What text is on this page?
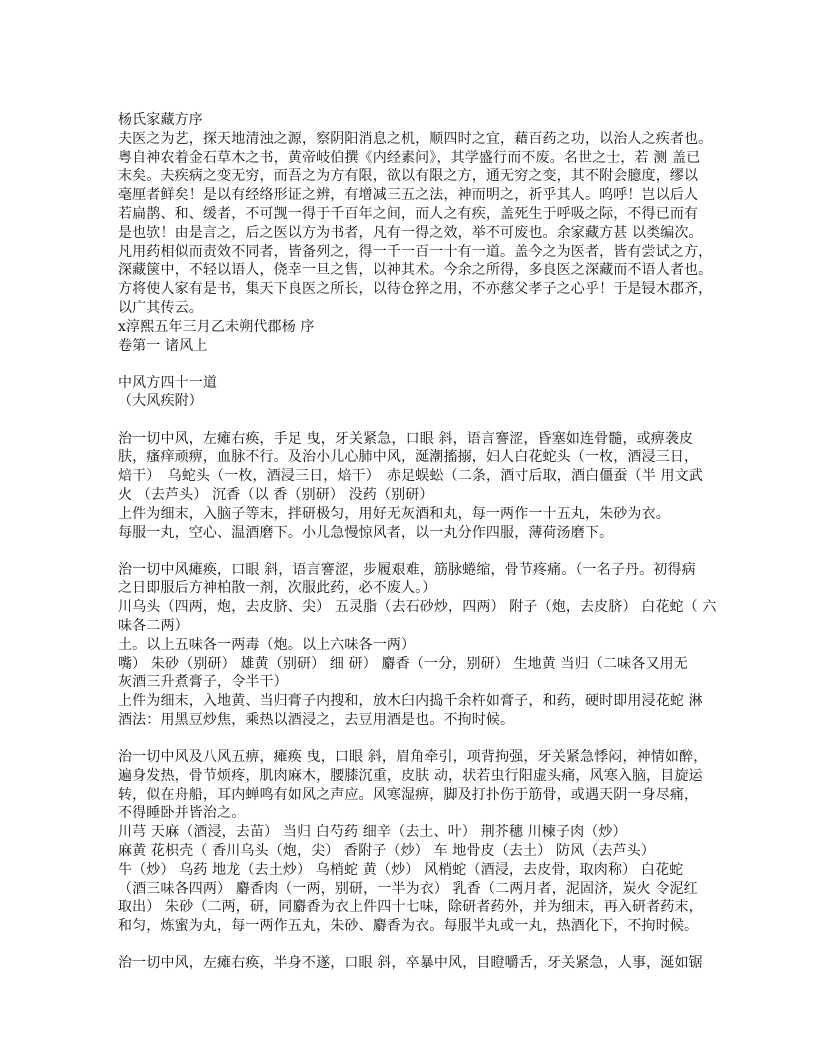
杨氏家藏方序
夫医之为艺，探天地清浊之源，察阴阳消息之机，顺四时之宜，藉百药之功，以治人之疾者也。
粤自神农着金石草木之书，黄帝岐伯撰《内经素问》，其学盛行而不废。名世之士，若 测 盖已
末矣。夫疾病之变无穷，而吾之为方有限，欲以有限之方，通无穷之变，其不附会臆度，缪以
毫厘者鲜矣！是以有经络形证之辨，有增减三五之法，神而明之，祈乎其人。呜呼！岂以后人
若扁鹊、和、缓者，不可觊一得于千百年之间，而人之有疾，盖死生于呼吸之际，不得已而有
是也欤！由是言之，后之医以方为书者，凡有一得之效，举不可废也。余家藏方甚 以类编次。
凡用药相似而责效不同者，皆备列之，得一千一百一十有一道。盖今之为医者，皆有尝试之方，
深藏箧中，不轻以语人，侥幸一旦之售，以神其术。今余之所得，多良医之深藏而不语人者也。
方将使人家有是书，集天下良医之所长，以待仓猝之用，不亦慈父孝子之心乎！于是锓木郡齐，
以广其传云。
x淳熙五年三月乙未朔代郡杨 序
卷第一 诸风上
中风方四十一道
（大风疾附）
治一切中风，左瘫右痪，手足 曳，牙关紧急，口眼 斜，语言謇涩，昏塞如连骨髓，或痹袭皮
肤，瘙痒顽痹，血脉不行。及治小儿心肺中风，涎潮搐搦，妇人白花蛇头（一枚，酒浸三日，
焙干）　乌蛇头（一枚，酒浸三日，焙干）　赤足蜈蚣（二条，酒寸后取，酒白僵蚕（半 用文武
火 （去芦头） 沉香（以 香（别研） 没药（别研）
上件为细末，入脑子等末，拌研极匀，用好无灰酒和丸，每一两作一十五丸，朱砂为衣。
每服一丸，空心、温酒磨下。小儿急慢惊风者，以一丸分作四服，薄荷汤磨下。
治一切中风瘫痪，口眼 斜，语言謇涩，步履艰难，筋脉蜷缩，骨节疼痛。（一名子丹。初得病
之日即服后方神柏散一剂，次服此药，必不废人。）
川乌头（四两，炮，去皮脐、尖） 五灵脂（去石砂炒，四两） 附子（炮，去皮脐） 白花蛇（ 六
味各二两）
土。以上五味各一两毒（炮。以上六味各一两）
嘴） 朱砂（别研） 雄黄（别研） 细 研） 麝香（一分，别研） 生地黄 当归（二味各又用无
灰酒三升煮膏子，令半干）
上件为细末，入地黄、当归膏子内搜和，放木臼内捣千余杵如膏子，和药，硬时即用浸花蛇 淋
酒法：用黑豆炒焦，乘热以酒浸之，去豆用酒是也。不拘时候。
治一切中风及八风五痹，瘫痪 曳，口眼 斜，眉角牵引，项背拘强，牙关紧急悸闷，神情如醉，
遍身发热，骨节烦疼，肌肉麻木，腰膝沉重，皮肤 动，状若虫行阳虚头痛，风寒入脑，目旋运
转，似在舟船，耳内蝉鸣有如风之声应。风寒湿痹，脚及打扑伤于筋骨，或遇天阴一身尽痛，
不得睡卧并皆治之。
川芎 天麻（酒浸，去苗） 当归 白芍药 细辛（去土、叶） 荆芥穗 川楝子肉（炒）
麻黄 花枳壳（ 香川乌头（炮，尖） 香附子（炒） 车 地骨皮（去土） 防风（去芦头）
牛（炒） 乌药 地龙（去土炒） 乌梢蛇 黄（炒） 风梢蛇（酒浸，去皮骨，取肉称） 白花蛇
（酒三味各四两） 麝香肉（一两，别研，一半为衣） 乳香（二两月者，泥固济，炭火 令泥红
取出） 朱砂（二两，研，同麝香为衣上件四十七味，除研者药外，并为细末，再入研者药末，
和匀，炼蜜为丸，每一两作五丸，朱砂、麝香为衣。每服半丸或一丸，热酒化下，不拘时候。
治一切中风，左瘫右痪，半身不遂，口眼 斜，卒暴中风，目瞪嚼舌，牙关紧急，人事，涎如锯
